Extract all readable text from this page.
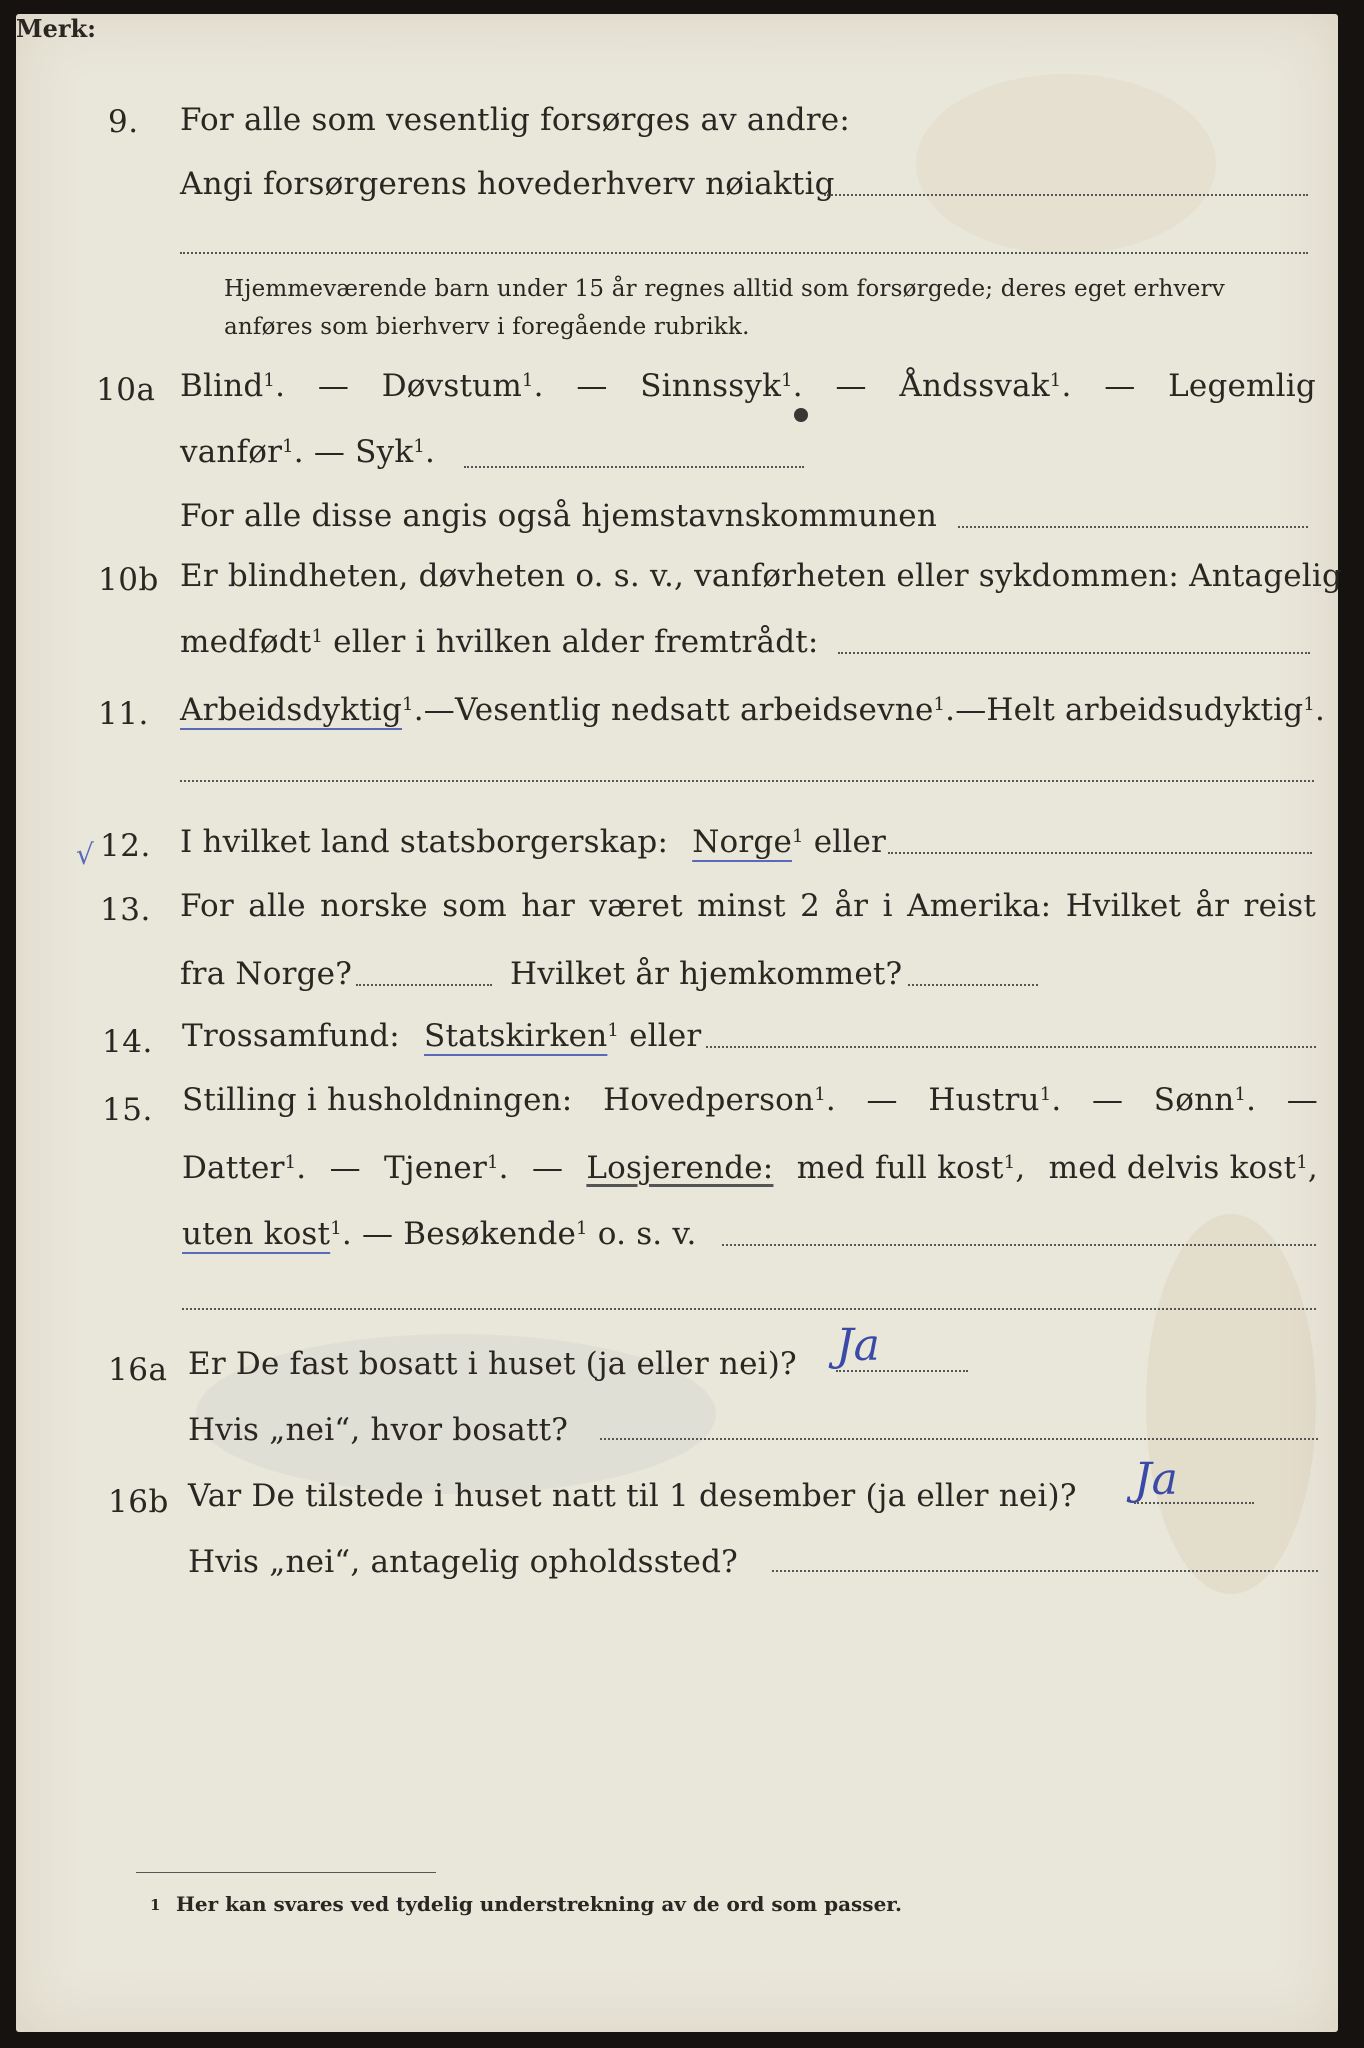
9. For alle som vesentlig forsørges av andre:
Angi forsørgerens hovederhverv nøiaktig
Merk:
Hjemmeværende barn under 15 år regnes alltid som forsørgede; deres eget erhverv
anføres som bierhverv i foregående rubrikk.
10a Blind$^1$. — Døvstum$^1$. — Sinnssyk$^1$. — Åndssvak$^1$. — Legemlig
vanfør$^1$. — Syk$^1$.
For alle disse angis også hjemstavnskommunen
10b Er blindheten, døvheten o. s. v., vanførheten eller sykdommen: Antagelig
medfødt$^1$ eller i hvilken alder fremtrådt:
11. Arbeidsdyktig$^1$.— Vesentlig nedsatt arbeidsevne$^1$.— Helt arbeidsudyktig$^1$.
√ 12. I hvilket land statsborgerskap: Norge$^1$ eller
13. For alle norske som har været minst 2 år i Amerika: Hvilket år reist
fra Norge?	Hvilket år hjemkommet?
14. Trossamfund: Statskirken$^1$ eller
15. Stilling i husholdningen: Hovedperson$^1$. — Hustru$^1$. — Sønn$^1$. —
Datter$^1$. — Tjener$^1$. — Losjerende: med full kost$^1$, med delvis kost$^1$,
uten kost$^1$. — Besøkende$^1$ o. s. v.
16a Er De fast bosatt i huset (ja eller nei)? Ja
Hvis „nei“, hvor bosatt?
16b Var De tilstede i huset natt til 1 desember (ja eller nei)? Ja
Hvis „nei“, antagelig opholdssted?
1 Her kan svares ved tydelig understrekning av de ord som passer.
